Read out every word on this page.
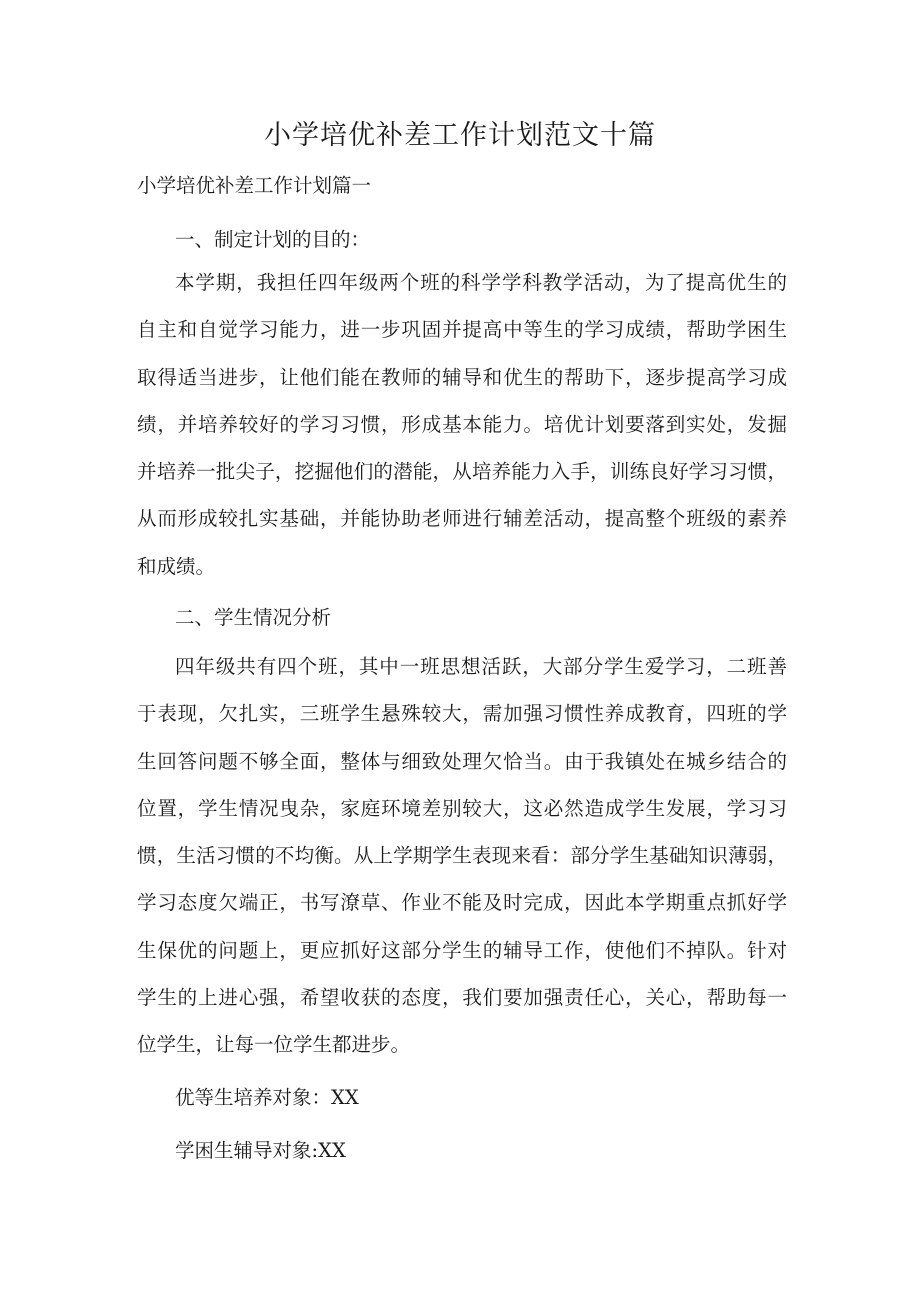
小学培优补差工作计划范文十篇
小学培优补差工作计划篇一
一、制定计划的目的：

本学期，我担任四年级两个班的科学学科教学活动，为了提高优生的
自主和自觉学习能力，进一步巩固并提高中等生的学习成绩，帮助学困生
取得适当进步，让他们能在教师的辅导和优生的帮助下，逐步提高学习成
绩，并培养较好的学习习惯，形成基本能力。培优计划要落到实处，发掘
并培养一批尖子，挖掘他们的潜能，从培养能力入手，训练良好学习习惯，
从而形成较扎实基础，并能协助老师进行辅差活动，提高整个班级的素养
和成绩。

二、学生情况分析

四年级共有四个班，其中一班思想活跃，大部分学生爱学习，二班善
于表现，欠扎实，三班学生悬殊较大，需加强习惯性养成教育，四班的学
生回答问题不够全面，整体与细致处理欠恰当。由于我镇处在城乡结合的
位置，学生情况曳杂，家庭环境差别较大，这必然造成学生发展，学习习
惯，生活习惯的不均衡。从上学期学生表现来看：部分学生基础知识薄弱，
学习态度欠端正，书写潦草、作业不能及时完成，因此本学期重点抓好学
生保优的问题上，更应抓好这部分学生的辅导工作，使他们不掉队。针对
学生的上进心强，希望收获的态度，我们要加强责任心，关心，帮助每一
位学生，让每一位学生都进步。

优等生培养对象：XX

学困生辅导对象:XX
